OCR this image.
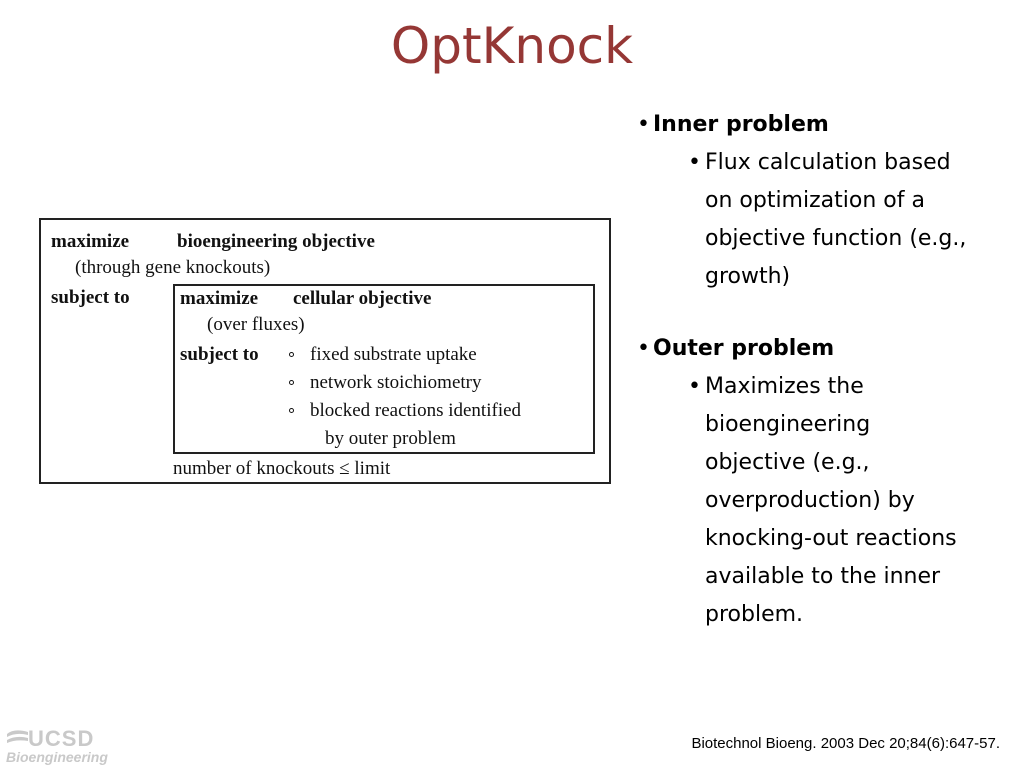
OptKnock
maximize	bioengineering objective
(through gene knockouts)
subject to	maximize cellular objective
(over fluxes)
subject to	fixed substrate uptake
network stoichiometry
blocked reactions identified
by outer problem
number of knockouts ≤ limit
• Inner problem
• Flux calculation based
on optimization of a
objective function (e.g.,
growth)
• Outer problem
• Maximizes the
bioengineering
objective (e.g.,
overproduction) by
knocking-out reactions
available to the inner
problem.
UCSD
Bioengineering
Biotechnol Bioeng. 2003 Dec 20;84(6):647-57.
